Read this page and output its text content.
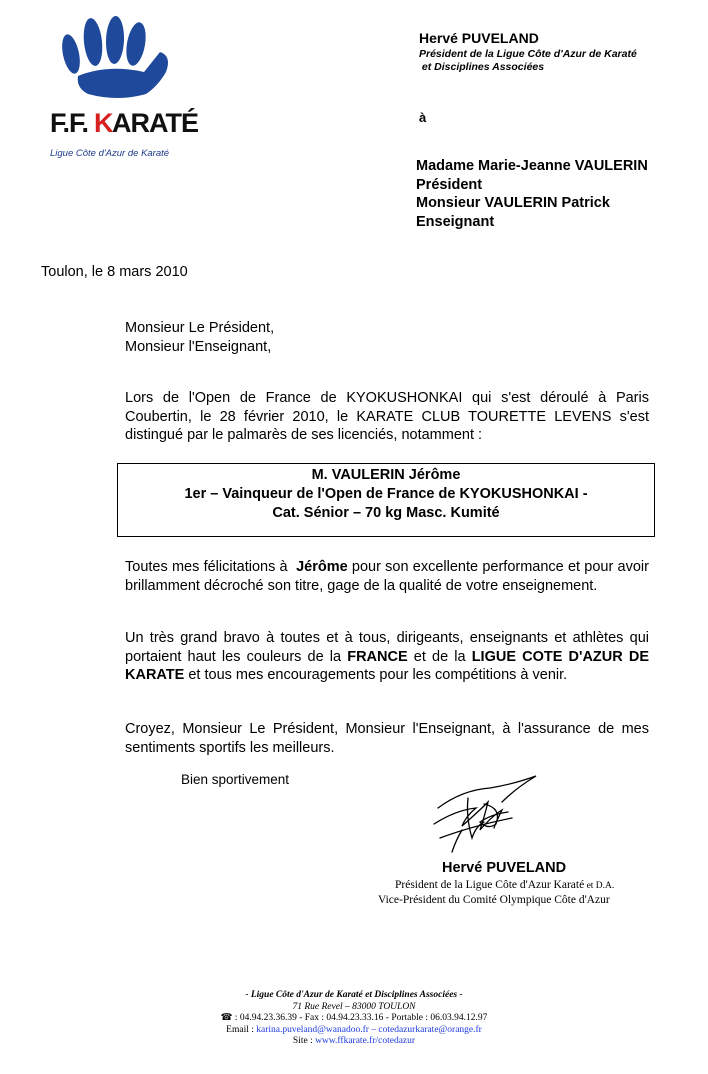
F.F. K
ARATÉ
Ligue Côte d'Azur de Karaté
Hervé PUVELAND
Président de la Ligue Côte d'Azur de Karaté
et Disciplines Associées
à
Madame Marie-Jeanne VAULERIN
Président
Monsieur VAULERIN Patrick
Enseignant
Toulon, le 8 mars 2010
Monsieur Le Président,
Monsieur l'Enseignant,
Lors de l'Open de France de KYOKUSHONKAI qui s'est déroulé à Paris Coubertin, le 28 février 2010, le KARATE CLUB TOURETTE LEVENS s'est distingué par le palmarès de ses licenciés, notamment :
M. VAULERIN Jérôme
1er – Vainqueur de l'Open de France de KYOKUSHONKAI -
Cat. Sénior – 70 kg Masc. Kumité
Toutes mes félicitations à  Jérôme pour son excellente performance et pour avoir brillamment décroché son titre, gage de la qualité de votre enseignement.
Un très grand bravo à toutes et à tous, dirigeants, enseignants et athlètes qui portaient haut les couleurs de la FRANCE et de la LIGUE COTE D'AZUR DE KARATE et tous mes encouragements pour les compétitions à venir.
Croyez, Monsieur Le Président, Monsieur l'Enseignant, à l'assurance de mes sentiments sportifs les meilleurs.
Bien sportivement
Hervé PUVELAND
Président de la Ligue Côte d'Azur Karaté et D.A.
Vice-Président du Comité Olympique Côte d'Azur
- Ligue Côte d'Azur de Karaté et Disciplines Associées -
71 Rue Revel – 83000 TOULON
☎ : 04.94.23.36.39 - Fax : 04.94.23.33.16 - Portable : 06.03.94.12.97
Email : karina.puveland@wanadoo.fr – cotedazurkarate@orange.fr
Site : www.ffkarate.fr/cotedazur
